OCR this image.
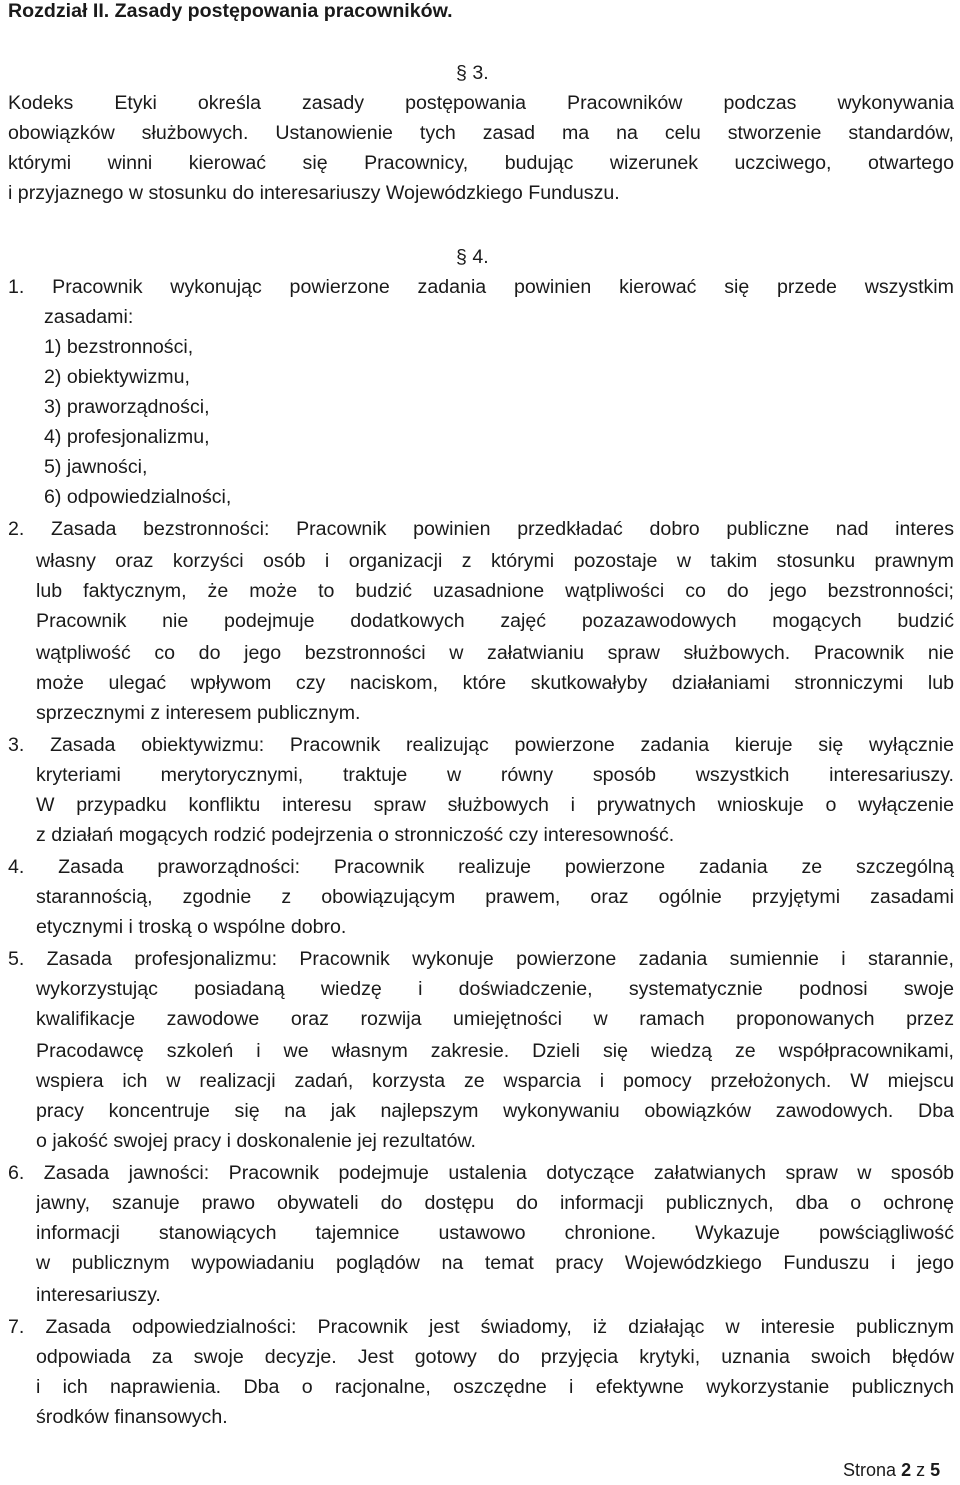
Rozdział II. Zasady postępowania pracowników.
§ 3.
Kodeks Etyki określa zasady postępowania Pracowników podczas wykonywania
obowiązków służbowych. Ustanowienie tych zasad ma na celu stworzenie standardów,
którymi winni kierować się Pracownicy, budując wizerunek uczciwego, otwartego
i przyjaznego w stosunku do interesariuszy Wojewódzkiego Funduszu.
§ 4.
1. Pracownik wykonując powierzone zadania powinien kierować się przede wszystkim
zasadami:
1) bezstronności,
2) obiektywizmu,
3) praworządności,
4) profesjonalizmu,
5) jawności,
6) odpowiedzialności,
2. Zasada bezstronności: Pracownik powinien przedkładać dobro publiczne nad interes
własny oraz korzyści osób i organizacji z którymi pozostaje w takim stosunku prawnym
lub faktycznym, że może to budzić uzasadnione wątpliwości co do jego bezstronności;
Pracownik nie podejmuje dodatkowych zajęć pozazawodowych mogących budzić
wątpliwość co do jego bezstronności w załatwianiu spraw służbowych. Pracownik nie
może ulegać wpływom czy naciskom, które skutkowałyby działaniami stronniczymi lub
sprzecznymi z interesem publicznym.
3. Zasada obiektywizmu: Pracownik realizując powierzone zadania kieruje się wyłącznie
kryteriami merytorycznymi, traktuje w równy sposób wszystkich interesariuszy.
W przypadku konfliktu interesu spraw służbowych i prywatnych wnioskuje o wyłączenie
z działań mogących rodzić podejrzenia o stronniczość czy interesowność.
4. Zasada praworządności: Pracownik realizuje powierzone zadania ze szczególną
starannością, zgodnie z obowiązującym prawem, oraz ogólnie przyjętymi zasadami
etycznymi i troską o wspólne dobro.
5. Zasada profesjonalizmu: Pracownik wykonuje powierzone zadania sumiennie i starannie,
wykorzystując posiadaną wiedzę i doświadczenie, systematycznie podnosi swoje
kwalifikacje zawodowe oraz rozwija umiejętności w ramach proponowanych przez
Pracodawcę szkoleń i we własnym zakresie. Dzieli się wiedzą ze współpracownikami,
wspiera ich w realizacji zadań, korzysta ze wsparcia i pomocy przełożonych. W miejscu
pracy koncentruje się na jak najlepszym wykonywaniu obowiązków zawodowych. Dba
o jakość swojej pracy i doskonalenie jej rezultatów.
6. Zasada jawności: Pracownik podejmuje ustalenia dotyczące załatwianych spraw w sposób
jawny, szanuje prawo obywateli do dostępu do informacji publicznych, dba o ochronę
informacji stanowiących tajemnice ustawowo chronione. Wykazuje powściągliwość
w publicznym wypowiadaniu poglądów na temat pracy Wojewódzkiego Funduszu i jego
interesariuszy.
7. Zasada odpowiedzialności: Pracownik jest świadomy, iż działając w interesie publicznym
odpowiada za swoje decyzje. Jest gotowy do przyjęcia krytyki, uznania swoich błędów
i ich naprawienia. Dba o racjonalne, oszczędne i efektywne wykorzystanie publicznych
środków finansowych.
Strona 2 z 5
